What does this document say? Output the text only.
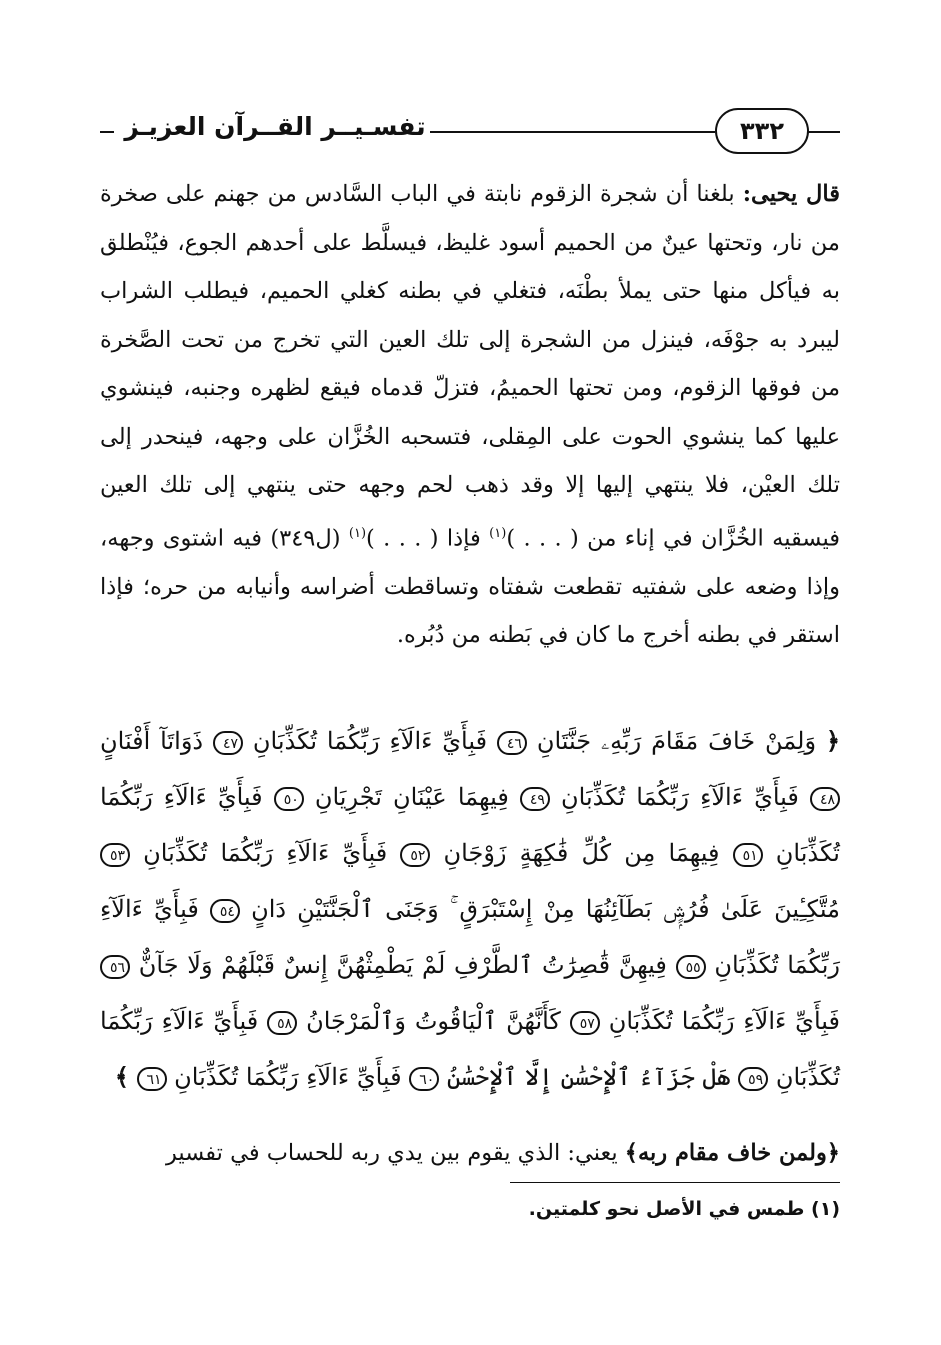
تفسـيــر القــرآن العزيـز	٣٣٢
قال يحيى: بلغنا أن شجرة الزقوم نابتة في الباب السَّادس من جهنم على صخرة من نار، وتحتها عينٌ من الحميم أسود غليظ، فيسلَّط على أحدهم الجوع، فيُنْطلق به فيأكل منها حتى يملأ بطْنَه، فتغلي في بطنه كغلي الحميم، فيطلب الشراب ليبرد به جوْفَه، فينزل من الشجرة إلى تلك العين التي تخرج من تحت الصَّخرة من فوقها الزقوم، ومن تحتها الحميمُ، فتزلّ قدماه فيقع لظهره وجنبه، فينشوي عليها كما ينشوي الحوت على المِقلى، فتسحبه الخُزَّان على وجهه، فينحدر إلى تلك العيْن، فلا ينتهي إليها إلا وقد ذهب لحم وجهه حتى ينتهي إلى تلك العين فيسقيه الخُزَّان في إناء من ( . . . )$^{(١)}$ فإذا ( . . . )$^{(١)}$ (ل٣٤٩) فيه اشتوى وجهه، وإذا وضعه على شفتيه تقطعت شفتاه وتساقطت أضراسه وأنيابه من حره؛ فإذا استقر في بطنه أخرج ما كان في بَطنه من دُبُره.
﴿ وَلِمَنْ خَافَ مَقَامَ رَبِّهِۦ جَنَّتَانِ ٤٦ فَبِأَيِّ ءَالَآءِ رَبِّكُمَا تُكَذِّبَانِ ٤٧ ذَوَاتَآ أَفْنَانٍ ٤٨ فَبِأَيِّ ءَالَآءِ رَبِّكُمَا تُكَذِّبَانِ ٤٩ فِيهِمَا عَيْنَانِ تَجْرِيَانِ ٥٠ فَبِأَيِّ ءَالَآءِ رَبِّكُمَا تُكَذِّبَانِ ٥١ فِيهِمَا مِن كُلِّ فَٰكِهَةٍ زَوْجَانِ ٥٢ فَبِأَيِّ ءَالَآءِ رَبِّكُمَا تُكَذِّبَانِ ٥٣ مُتَّكِـِٔينَ عَلَىٰ فُرُشٍۭ بَطَآئِنُهَا مِنْ إِسْتَبْرَقٍ ۚ وَجَنَى ٱلْجَنَّتَيْنِ دَانٍ ٥٤ فَبِأَيِّ ءَالَآءِ رَبِّكُمَا تُكَذِّبَانِ ٥٥ فِيهِنَّ قَٰصِرَٰتُ ٱلطَّرْفِ لَمْ يَطْمِثْهُنَّ إِنسٌ قَبْلَهُمْ وَلَا جَآنٌّ ٥٦ فَبِأَيِّ ءَالَآءِ رَبِّكُمَا تُكَذِّبَانِ ٥٧ كَأَنَّهُنَّ ٱلْيَاقُوتُ وَٱلْمَرْجَانُ ٥٨ فَبِأَيِّ ءَالَآءِ رَبِّكُمَا تُكَذِّبَانِ ٥٩ هَلْ جَزَآءُ ٱلْإِحْسَٰنِ إِلَّا ٱلْإِحْسَٰنُ ٦٠ فَبِأَيِّ ءَالَآءِ رَبِّكُمَا تُكَذِّبَانِ ٦١ ﴾
﴿ولمن خاف مقام ربه﴾ يعني: الذي يقوم بين يدي ربه للحساب في تفسير
(١) طمس في الأصل نحو كلمتين.
